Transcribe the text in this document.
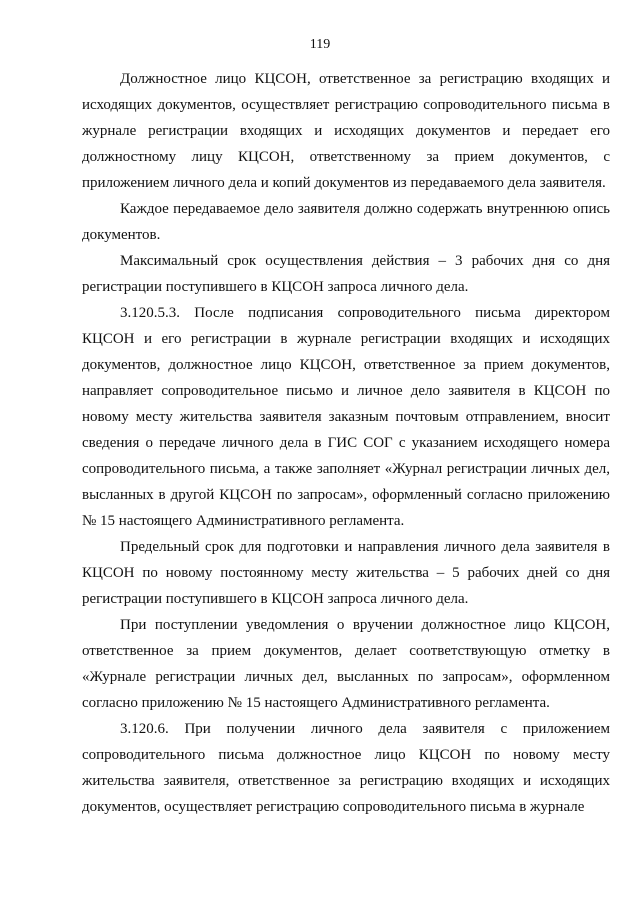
119

Должностное лицо КЦСОН, ответственное за регистрацию входящих и исходящих документов, осуществляет регистрацию сопроводительного письма в журнале регистрации входящих и исходящих документов и передает его должностному лицу КЦСОН, ответственному за прием документов, с приложением личного дела и копий документов из передаваемого дела заявителя.

Каждое передаваемое дело заявителя должно содержать внутреннюю опись документов.

Максимальный срок осуществления действия – 3 рабочих дня со дня регистрации поступившего в КЦСОН запроса личного дела.

3.120.5.3. После подписания сопроводительного письма директором КЦСОН и его регистрации в журнале регистрации входящих и исходящих документов, должностное лицо КЦСОН, ответственное за прием документов, направляет сопроводительное письмо и личное дело заявителя в КЦСОН по новому месту жительства заявителя заказным почтовым отправлением, вносит сведения о передаче личного дела в ГИС СОГ с указанием исходящего номера сопроводительного письма, а также заполняет «Журнал регистрации личных дел, высланных в другой КЦСОН по запросам», оформленный согласно приложению № 15 настоящего Административного регламента.

Предельный срок для подготовки и направления личного дела заявителя в КЦСОН по новому постоянному месту жительства – 5 рабочих дней со дня регистрации поступившего в КЦСОН запроса личного дела.

При поступлении уведомления о вручении должностное лицо КЦСОН, ответственное за прием документов, делает соответствующую отметку в «Журнале регистрации личных дел, высланных по запросам», оформленном согласно приложению № 15 настоящего Административного регламента.

3.120.6. При получении личного дела заявителя с приложением сопроводительного письма должностное лицо КЦСОН по новому месту жительства заявителя, ответственное за регистрацию входящих и исходящих документов, осуществляет регистрацию сопроводительного письма в журнале
